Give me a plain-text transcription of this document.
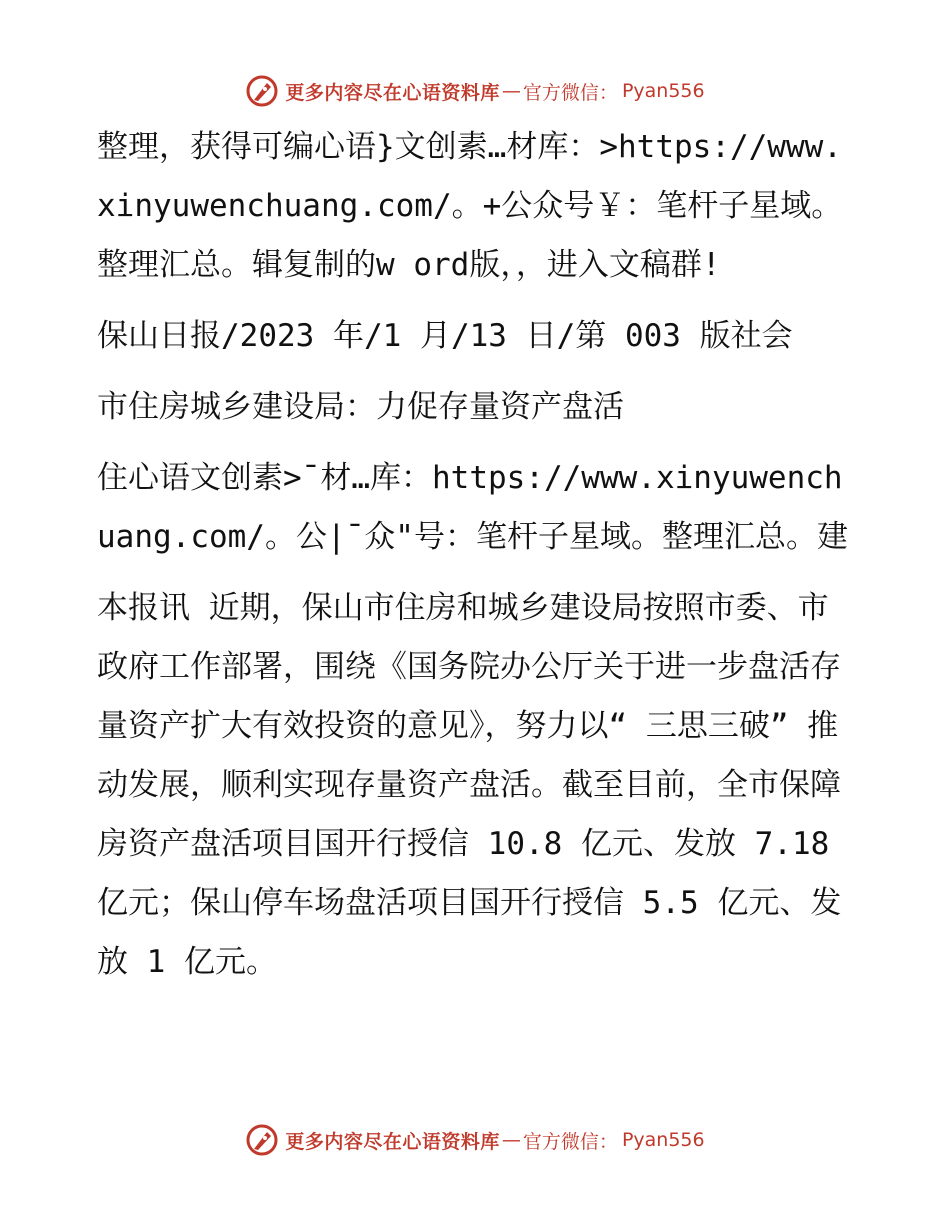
更多内容尽在心语资料库 — 官方微信： Pyan556

整理，获得可编心语}文创素…材库：>https://www.xinyuwenchuang.com/。+公众号￥：笔杆子星域。整理汇总。辑复制的w ord版，，进入文稿群!

保山日报/2023 年/1 月/13 日/第 003 版社会

市住房城乡建设局：力促存量资产盘活

住心语文创素>¯材…库：https://www.xinyuwenchuang.com/。公|¯众"号：笔杆子星域。整理汇总。建

本报讯 近期，保山市住房和城乡建设局按照市委、市政府工作部署，围绕《国务院办公厅关于进一步盘活存量资产扩大有效投资的意见》，努力以“ 三思三破” 推动发展，顺利实现存量资产盘活。截至目前，全市保障房资产盘活项目国开行授信 10.8 亿元、发放 7.18 亿元；保山停车场盘活项目国开行授信 5.5 亿元、发放 1 亿元。

更多内容尽在心语资料库 — 官方微信： Pyan556
